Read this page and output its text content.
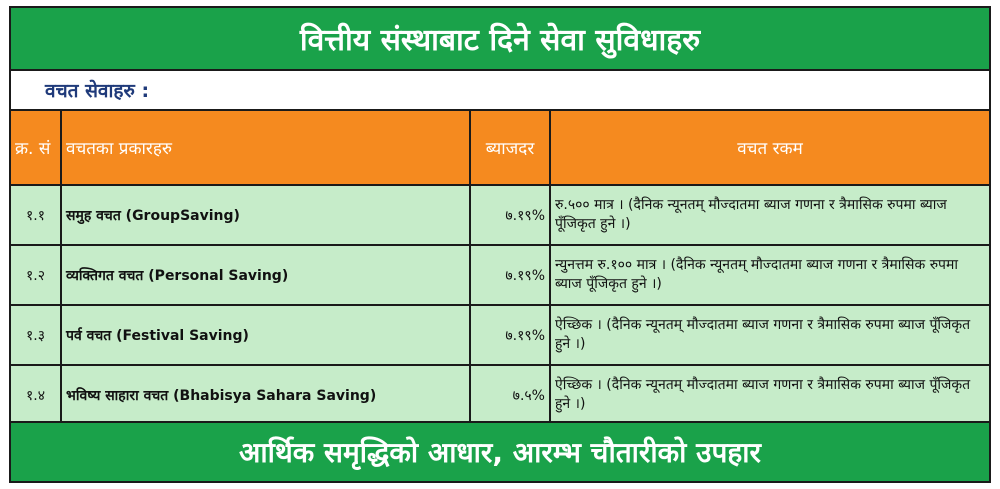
वित्तीय संस्थाबाट दिने सेवा सुविधाहरु
वचत सेवाहरु :
क्र. सं	वचतका प्रकारहरु	ब्याजदर	वचत रकम
१.१	समुह वचत (GroupSaving)	७.१९%	रु.५०० मात्र । (दैनिक न्यूनतम् मौज्दातमा ब्याज गणना र त्रैमासिक रुपमा ब्याज पूँजिकृत हुने ।)
१.२	व्यक्तिगत वचत (Personal Saving)	७.१९%	न्युनत्तम रु.१०० मात्र । (दैनिक न्यूनतम् मौज्दातमा ब्याज गणना र त्रैमासिक रुपमा ब्याज पूँजिकृत हुने ।)
१.३	पर्व वचत (Festival Saving)	७.१९%	ऐच्छिक । (दैनिक न्यूनतम् मौज्दातमा ब्याज गणना र त्रैमासिक रुपमा ब्याज पूँजिकृत हुने ।)
१.४	भविष्य साहारा वचत (Bhabisya Sahara Saving)	७.५%	ऐच्छिक । (दैनिक न्यूनतम् मौज्दातमा ब्याज गणना र त्रैमासिक रुपमा ब्याज पूँजिकृत हुने ।)
आर्थिक समृद्धिको आधार, आरम्भ चौतारीको उपहार
